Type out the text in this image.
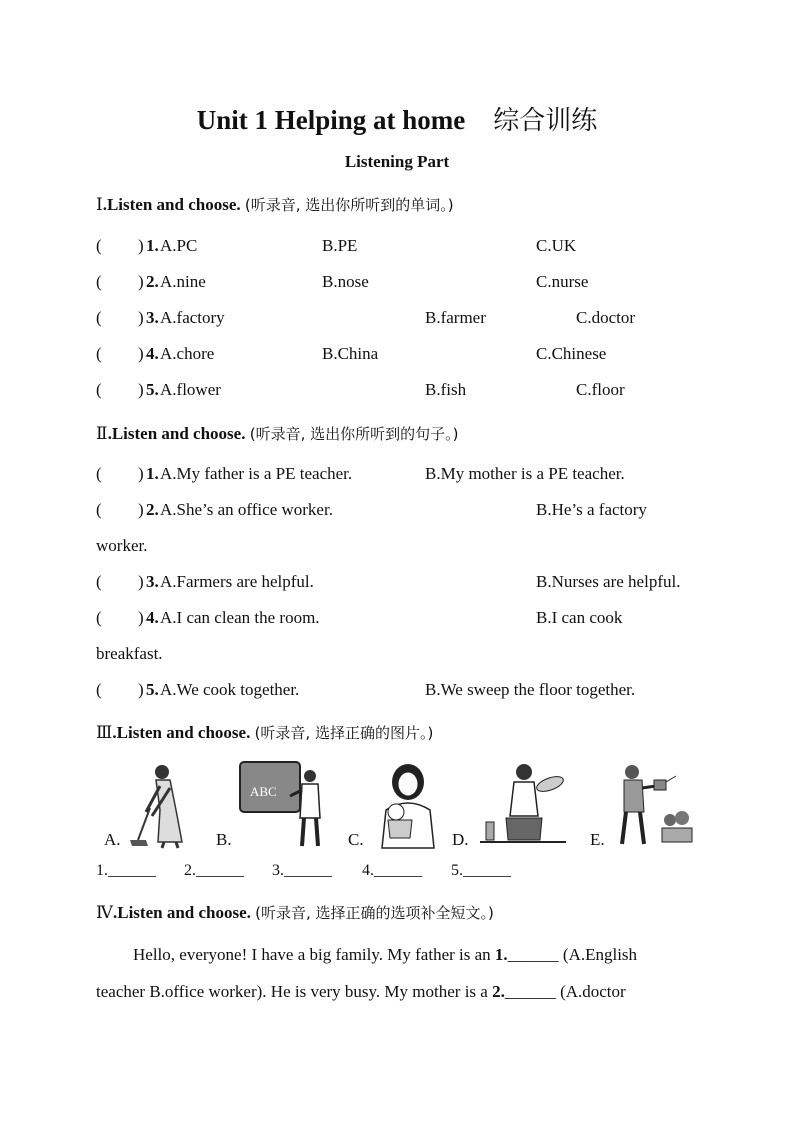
Unit 1 Helping at home 综合训练
Listening Part
Ⅰ.Listen and choose. (听录音, 选出你所听到的单词。)
( ) 1. A.PC	B.PE	C.UK
( ) 2. A.nine	B.nose	C.nurse
( ) 3. A.factory	B.farmer	C.doctor
( ) 4. A.chore	B.China	C.Chinese
( ) 5. A.flower	B.fish	C.floor
Ⅱ.Listen and choose. (听录音, 选出你所听到的句子。)
( ) 1. A.My father is a PE teacher.	B.My mother is a PE teacher.
( ) 2. A.She’s an office worker.	B.He’s a factory
worker.
( ) 3. A.Farmers are helpful.	B.Nurses are helpful.
( ) 4. A.I can clean the room.	B.I can cook
breakfast.
( ) 5. A.We cook together.	B.We sweep the floor together.
Ⅲ.Listen and choose. (听录音, 选择正确的图片。)
A.	B.
ABC
C.	D.	E.
1.______ 2.______ 3.______ 4.______ 5.______
Ⅳ.Listen and choose. (听录音, 选择正确的选项补全短文。)
Hello, everyone! I have a big family. My father is an 1.______ (A.English
teacher B.office worker). He is very busy. My mother is a 2.______ (A.doctor
